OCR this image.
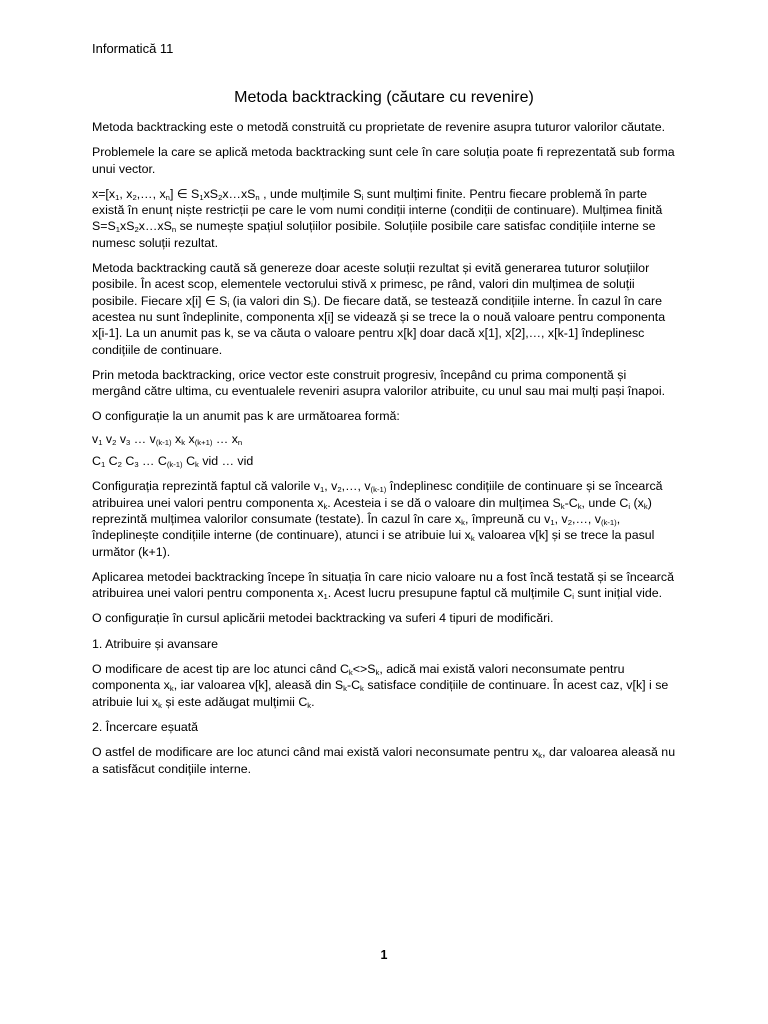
Informatică 11
Metoda backtracking (căutare cu revenire)

Metoda backtracking este o metodă construită cu proprietate de revenire asupra tuturor valorilor căutate.

Problemele la care se aplică metoda backtracking sunt cele în care soluția poate fi reprezentată sub forma unui vector.

$x=[x_1$, $x_2,\dots$, $x_n$] ∈ $S_1xS_2x\dots xS_n$ , unde mulțimile $S_i$ sunt mulțimi finite. Pentru fiecare problemă în parte există în enunț niște restricții pe care le vom numi condiții interne (condiții de continuare). Mulțimea finită $S=S_1xS_2x\dots xS_n$ se numește spațiul soluțiilor posibile. Soluțiile posibile care satisfac condițiile interne se numesc soluții rezultat.

Metoda backtracking caută să genereze doar aceste soluții rezultat și evită generarea tuturor soluțiilor posibile. În acest scop, elementele vectorului stivă x primesc, pe rând, valori din mulțimea de soluții posibile. Fiecare x[i] ∈ $S_i$ (ia valori din $S_i$). De fiecare dată, se testează condițiile interne. În cazul în care acestea nu sunt îndeplinite, componenta x[i] se videază și se trece la o nouă valoare pentru componenta x[i-1]. La un anumit pas k, se va căuta o valoare pentru x[k] doar dacă x[1], x[2],…, x[k-1] îndeplinesc condițiile de continuare.

Prin metoda backtracking, orice vector este construit progresiv, începând cu prima componentă și mergând către ultima, cu eventualele reveniri asupra valorilor atribuite, cu unul sau mai mulți pași înapoi.

O configurație la un anumit pas k are următoarea formă:

$v_1$ $v_2$ $v_3$ … $v_{(k-1)}$ $x_k$ $x_{(k+1)}$ … $x_n$

$C_1$ $C_2$ $C_3$ … $C_{(k-1)}$ $C_k$ vid … vid

Configurația reprezintă faptul că valorile $v_1$, $v_2,\dots$, $v_{(k-1)}$ îndeplinesc condițiile de continuare și se încearcă atribuirea unei valori pentru componenta $x_k$. Acesteia i se dă o valoare din mulțimea $S_k-C_k$, unde $C_i$ $(x_k)$ reprezintă mulțimea valorilor consumate (testate). În cazul în care $x_k$, împreună cu $v_1$, $v_2,\dots$, $v_{(k-1)}$, îndeplinește condițiile interne (de continuare), atunci i se atribuie lui $x_k$ valoarea v[k] și se trece la pasul următor (k+1).

Aplicarea metodei backtracking începe în situația în care nicio valoare nu a fost încă testată și se încearcă atribuirea unei valori pentru componenta $x_1$. Acest lucru presupune faptul că mulțimile $C_i$ sunt inițial vide.

O configurație în cursul aplicării metodei backtracking va suferi 4 tipuri de modificări.

1. Atribuire și avansare

O modificare de acest tip are loc atunci când $C_k<>S_k$, adică mai există valori neconsumate pentru componenta $x_k$, iar valoarea v[k], aleasă din $S_k-C_k$ satisface condițiile de continuare. În acest caz, v[k] i se atribuie lui $x_k$ și este adăugat mulțimii $C_k$.

2. Încercare eșuată

O astfel de modificare are loc atunci când mai există valori neconsumate pentru $x_k$, dar valoarea aleasă nu a satisfăcut condițiile interne.

1
